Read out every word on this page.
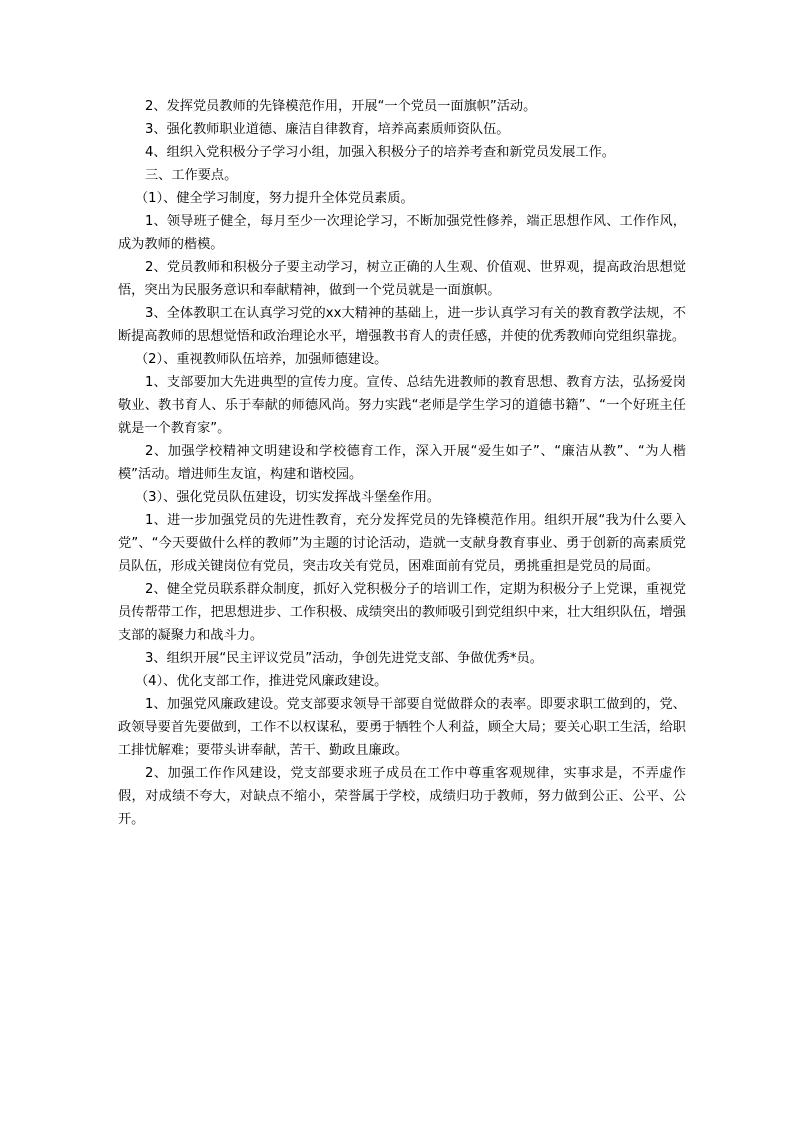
2、发挥党员教师的先锋模范作用，开展“一个党员一面旗帜”活动。

3、强化教师职业道德、廉洁自律教育，培养高素质师资队伍。

4、组织入党积极分子学习小组，加强入积极分子的培养考查和新党员发展工作。

三、工作要点。

（1）、健全学习制度，努力提升全体党员素质。

1、领导班子健全，每月至少一次理论学习，不断加强党性修养，端正思想作风、工作作风，成为教师的楷模。

2、党员教师和积极分子要主动学习，树立正确的人生观、价值观、世界观，提高政治思想觉悟，突出为民服务意识和奉献精神，做到一个党员就是一面旗帜。

3、全体教职工在认真学习党的xx大精神的基础上，进一步认真学习有关的教育教学法规，不断提高教师的思想觉悟和政治理论水平，增强教书育人的责任感，并使的优秀教师向党组织靠拢。

（2）、重视教师队伍培养，加强师德建设。

1、支部要加大先进典型的宣传力度。宣传、总结先进教师的教育思想、教育方法，弘扬爱岗敬业、教书育人、乐于奉献的师德风尚。努力实践“老师是学生学习的道德书籍”、“一个好班主任就是一个教育家”。

2、加强学校精神文明建设和学校德育工作，深入开展“爱生如子”、“廉洁从教”、“为人楷模”活动。增进师生友谊，构建和谐校园。

（3）、强化党员队伍建设，切实发挥战斗堡垒作用。

1、进一步加强党员的先进性教育，充分发挥党员的先锋模范作用。组织开展“我为什么要入党”、“今天要做什么样的教师”为主题的讨论活动，造就一支献身教育事业、勇于创新的高素质党员队伍，形成关键岗位有党员，突击攻关有党员，困难面前有党员，勇挑重担是党员的局面。

2、健全党员联系群众制度，抓好入党积极分子的培训工作，定期为积极分子上党课，重视党员传帮带工作，把思想进步、工作积极、成绩突出的教师吸引到党组织中来，壮大组织队伍，增强支部的凝聚力和战斗力。

3、组织开展“民主评议党员”活动，争创先进党支部、争做优秀*员。

（4）、优化支部工作，推进党风廉政建设。

1、加强党风廉政建设。党支部要求领导干部要自觉做群众的表率。即要求职工做到的，党、政领导要首先要做到，工作不以权谋私，要勇于牺牲个人利益，顾全大局；要关心职工生活，给职工排忧解难；要带头讲奉献，苦干、勤政且廉政。

2、加强工作作风建设，党支部要求班子成员在工作中尊重客观规律，实事求是，不弄虚作假，对成绩不夸大，对缺点不缩小，荣誉属于学校，成绩归功于教师，努力做到公正、公平、公开。
